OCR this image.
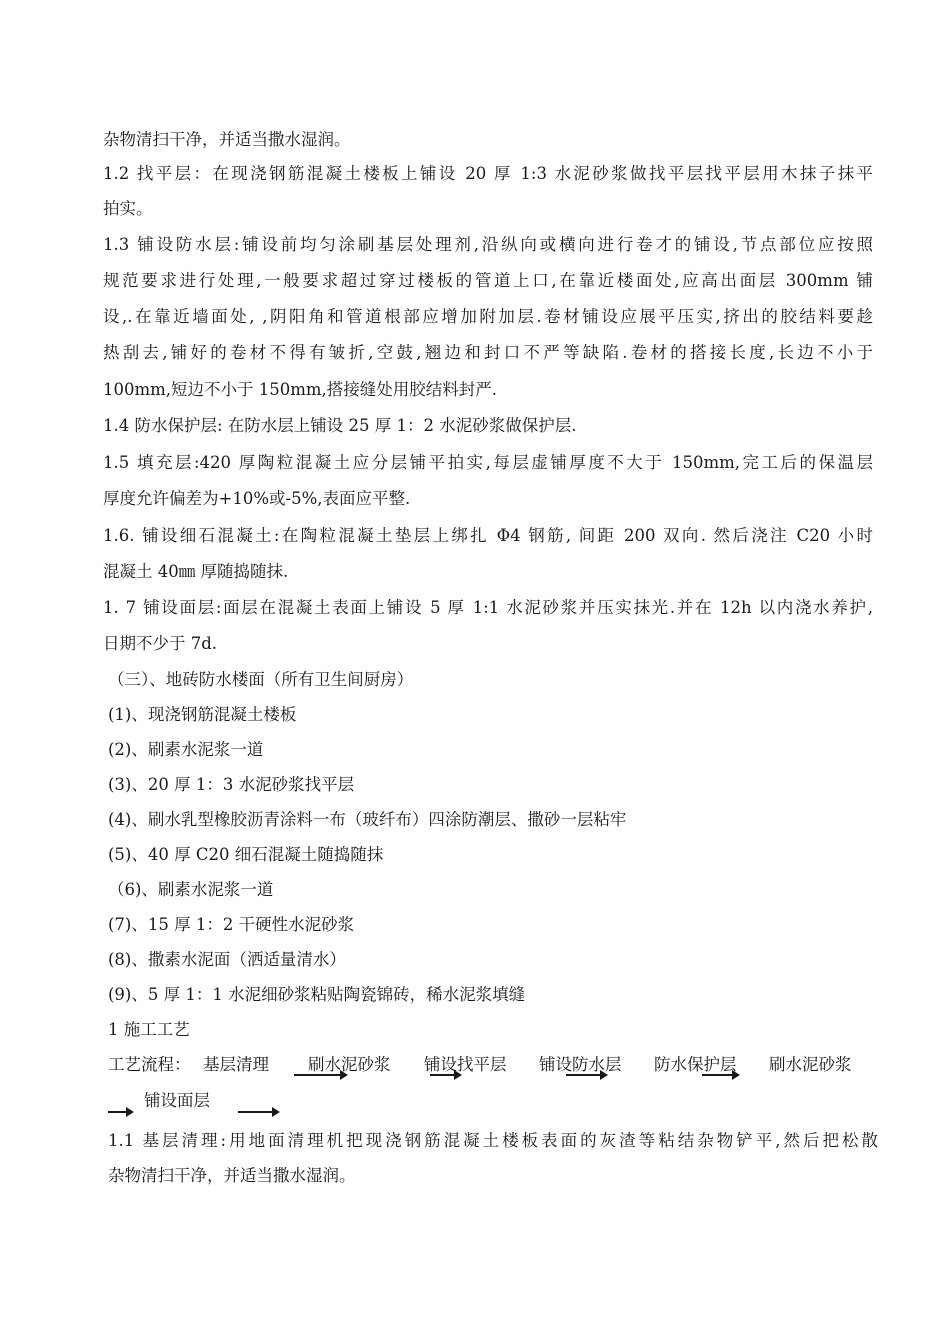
杂物清扫干净，并适当撒水湿润。
1.2 找平层：在现浇钢筋混凝土楼板上铺设 20 厚 1:3 水泥砂浆做找平层找平层用木抹子抹平
拍实。
1.3 铺设防水层:铺设前均匀涂刷基层处理剂,沿纵向或横向进行卷才的铺设,节点部位应按照
规范要求进行处理,一般要求超过穿过楼板的管道上口,在靠近楼面处,应高出面层 300mm 铺
设,.在靠近墙面处, ,阴阳角和管道根部应增加附加层.卷材铺设应展平压实,挤出的胶结料要趁
热刮去,铺好的卷材不得有皱折,空鼓,翘边和封口不严等缺陷.卷材的搭接长度,长边不小于
100mm,短边不小于 150mm,搭接缝处用胶结料封严.
1.4 防水保护层: 在防水层上铺设 25 厚 1：2 水泥砂浆做保护层.
1.5 填充层:420 厚陶粒混凝土应分层铺平拍实,每层虚铺厚度不大于 150mm,完工后的保温层
厚度允许偏差为+10%或-5%,表面应平整.
1.6. 铺设细石混凝土:在陶粒混凝土垫层上绑扎 Φ4 钢筋, 间距 200 双向. 然后浇注 C20 小时
混凝土 40㎜ 厚随捣随抹.
1. 7 铺设面层:面层在混凝土表面上铺设 5 厚 1:1 水泥砂浆并压实抹光.并在 12h 以内浇水养护,
日期不少于 7d.
（三）、地砖防水楼面（所有卫生间厨房）
(1)、现浇钢筋混凝土楼板
(2)、刷素水泥浆一道
(3)、20 厚 1：3 水泥砂浆找平层
(4)、刷水乳型橡胶沥青涂料一布（玻纤布）四涂防潮层、撒砂一层粘牢
(5)、40 厚 C20 细石混凝土随捣随抹
（6)、刷素水泥浆一道
(7)、15 厚 1：2 干硬性水泥砂浆
(8)、撒素水泥面（洒适量清水）
(9)、5 厚 1：1 水泥细砂浆粘贴陶瓷锦砖，稀水泥浆填缝
1 施工工艺
工艺流程： 基层清理 刷水泥砂浆 铺设找平层 铺设防水层 防水保护层 刷水泥砂浆
铺设面层
1.1 基层清理:用地面清理机把现浇钢筋混凝土楼板表面的灰渣等粘结杂物铲平,然后把松散
杂物清扫干净，并适当撒水湿润。
